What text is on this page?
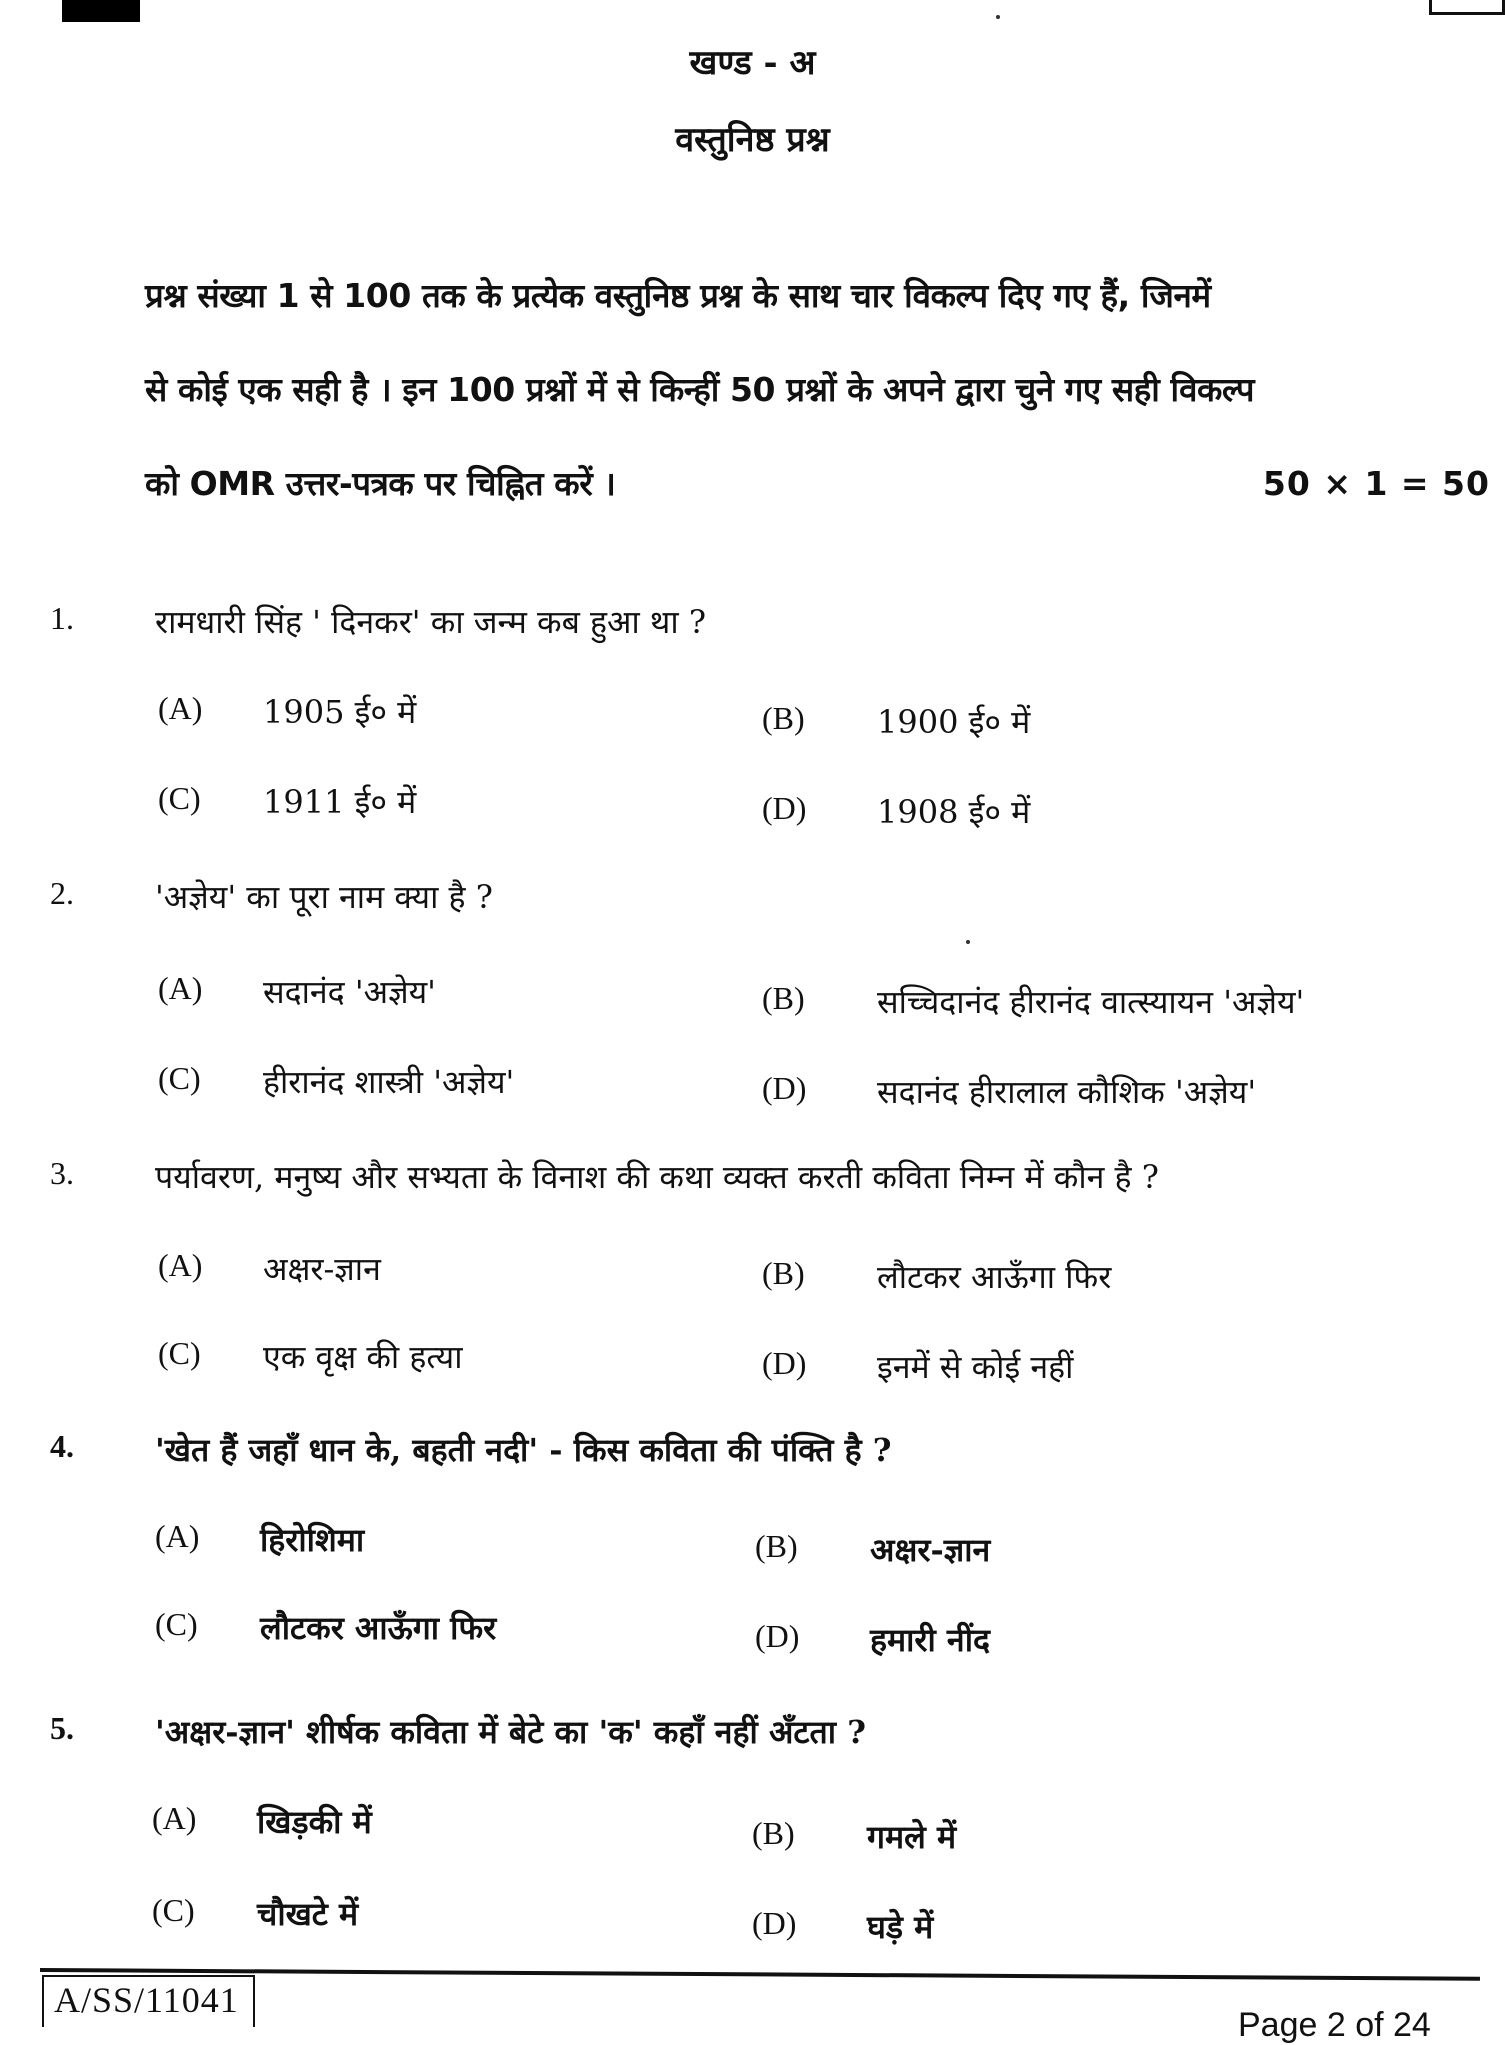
खण्ड - अ
वस्तुनिष्ठ प्रश्न
प्रश्न संख्या 1 से 100 तक के प्रत्येक वस्तुनिष्ठ प्रश्न के साथ चार विकल्प दिए गए हैं, जिनमें
से कोई एक सही है । इन 100 प्रश्नों में से किन्हीं 50 प्रश्नों के अपने द्वारा चुने गए सही विकल्प
को OMR उत्तर-पत्रक पर चिह्नित करें ।	50 × 1 = 50
1.	रामधारी सिंह ' दिनकर' का जन्म कब हुआ था ?
(A)	1905 ई० में	(B)	1900 ई० में
(C)	1911 ई० में	(D)	1908 ई० में
2.	'अज्ञेय' का पूरा नाम क्या है ?
(A)	सदानंद 'अज्ञेय'	(B)	सच्चिदानंद हीरानंद वात्स्यायन 'अज्ञेय'
(C)	हीरानंद शास्त्री 'अज्ञेय'	(D)	सदानंद हीरालाल कौशिक 'अज्ञेय'
3.	पर्यावरण, मनुष्य और सभ्यता के विनाश की कथा व्यक्त करती कविता निम्न में कौन है ?
(A)	अक्षर-ज्ञान	(B)	लौटकर आऊँगा फिर
(C)	एक वृक्ष की हत्या	(D)	इनमें से कोई नहीं
4.	'खेत हैं जहाँ धान के, बहती नदी' - किस कविता की पंक्ति है ?
(A)	हिरोशिमा	(B)	अक्षर-ज्ञान
(C)	लौटकर आऊँगा फिर	(D)	हमारी नींद
5.	'अक्षर-ज्ञान' शीर्षक कविता में बेटे का 'क' कहाँ नहीं अँटता ?
(A)	खिड़की में	(B)	गमले में
(C)	चौखटे में	(D)	घड़े में
A/SS/11041
Page 2 of 24
